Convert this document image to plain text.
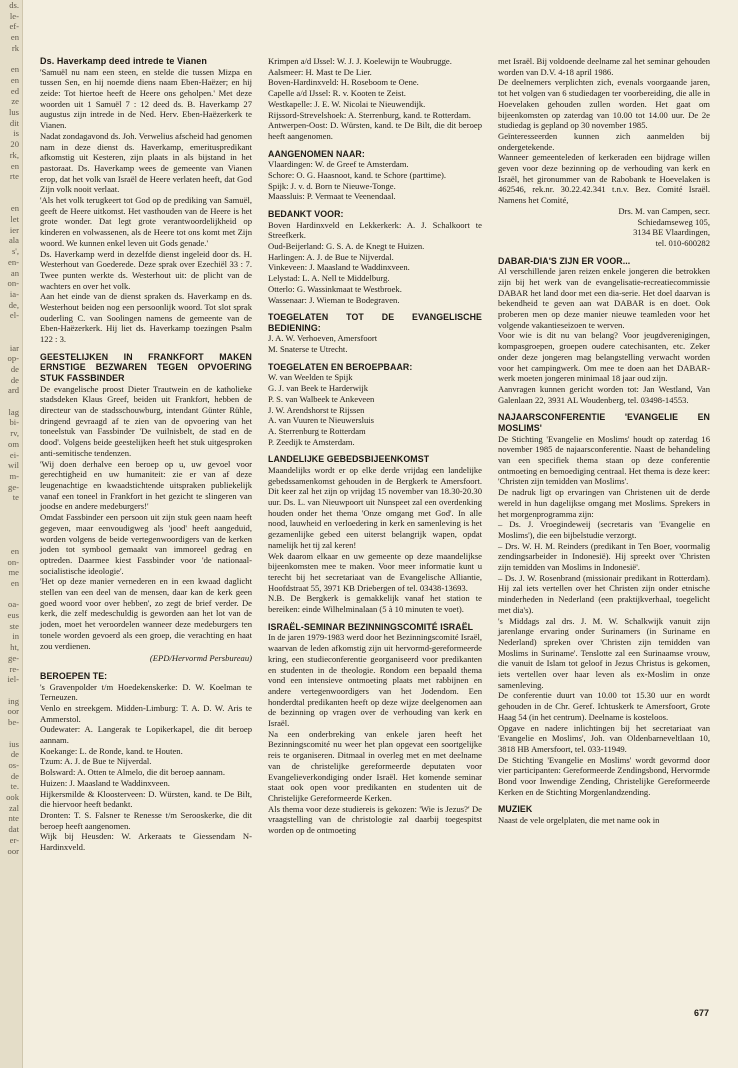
ds.
le-
ef-
en
rk

en
en
ed
ze
lus
dit
is
20
rk,
en
rte

en
let
ier
ala
s',
en-
an
on-
ia-
de,
el-

iar
op-
de
de
ard

lag
bi-
rv,
om
ei-
wil
m-
ge-
te

en
on-
me
en

oa-
eus
ste
in
ht,
ge-
re-
iel-

ing
oor
be-

ius
de
os-
de
te.
ook
zal
nte
dat
er-
oor

Ds. Haverkamp deed intrede te Vianen

'Samuël nu nam een steen, en stelde die tussen Mizpa en tussen Sen, en hij noemde diens naam Eben-Haëzer; en hij zeide: Tot hiertoe heeft de Heere ons geholpen.' Met deze woorden uit 1 Samuël 7 : 12 deed ds. B. Haverkamp 27 augustus zijn intrede in de Ned. Herv. Eben-Haëzerkerk te Vianen.

Nadat zondagavond ds. Joh. Verwelius afscheid had genomen nam in deze dienst ds. Haverkamp, emerituspredikant afkomstig uit Kesteren, zijn plaats in als bijstand in het pastoraat. Ds. Haverkamp wees de gemeente van Vianen erop, dat het volk van Israël de Heere verlaten heeft, dat God Zijn volk nooit verlaat.

'Als het volk terugkeert tot God op de prediking van Samuël, geeft de Heere uitkomst. Het vasthouden van de Heere is het grote wonder. Dat legt grote verantwoordelijkheid op kinderen en volwassenen, als de Heere tot ons komt met Zijn woord. We kunnen enkel leven uit Gods genade.'

Ds. Haverkamp werd in dezelfde dienst ingeleid door ds. H. Westerhout van Goederede. Deze sprak over Ezechiël 33 : 7. Twee punten werkte ds. Westerhout uit: de plicht van de wachters en over het volk.

Aan het einde van de dienst spraken ds. Haverkamp en ds. Westerhout beiden nog een persoonlijk woord. Tot slot sprak ouderling C. van Soolingen namens de gemeente van de Eben-Haëzerkerk. Hij liet ds. Haverkamp toezingen Psalm 122 : 3.

GEESTELIJKEN IN FRANKFORT MAKEN ERNSTIGE BEZWAREN TEGEN OPVOERING STUK FASSBINDER

De evangelische proost Dieter Trautwein en de katholieke stadsdeken Klaus Greef, beiden uit Frankfort, hebben de directeur van de stadsschouwburg, intendant Günter Rühle, dringend gevraagd af te zien van de opvoering van het toneelstuk van Fassbinder 'De vuilnisbelt, de stad en de dood'. Volgens beide geestelijken heeft het stuk uitgesproken anti-semitische tendenzen.

'Wij doen derhalve een beroep op u, uw gevoel voor gerechtigheid en uw humaniteit: zie er van af deze leugenachtige en kwaadstichtende uitspraken publiekelijk vanaf een toneel in Frankfort in het gezicht te slingeren van joodse en andere medeburgers!'

Omdat Fassbinder een persoon uit zijn stuk geen naam heeft gegeven, maar eenvoudigweg als 'jood' heeft aangeduid, worden volgens de beide vertegenwoordigers van de kerken joden tot symbool gemaakt van immoreel gedrag en optreden. Daarmee kiest Fassbinder voor 'de nationaal-socialistische ideologie'.

'Het op deze manier vernederen en in een kwaad daglicht stellen van een deel van de mensen, daar kan de kerk geen goed woord voor over hebben', zo zegt de brief verder. De kerk, die zelf medeschuldig is geworden aan het lot van de joden, moet het veroordelen wanneer deze medeburgers ten tonele worden gevoerd als een groep, die verachting en haat zou verdienen.

(EPD/Hervormd Persbureau)

BEROEPEN TE:

's Gravenpolder t/m Hoedekenskerke: D. W. Koelman te Terneuzen.

Venlo en streekgem. Midden-Limburg: T. A. D. W. Aris te Ammerstol.

Oudewater: A. Langerak te Lopikerkapel, die dit beroep aannam.

Koekange: L. de Ronde, kand. te Houten.

Tzum: A. J. de Bue te Nijverdal.

Bolsward: A. Otten te Almelo, die dit beroep aannam.

Huizen: J. Maasland te Waddinxveen.

Hijkersmilde & Kloosterveen: D. Würsten, kand. te De Bilt, die hiervoor heeft bedankt.

Dronten: T. S. Falsner te Renesse t/m Serooskerke, die dit beroep heeft aangenomen.

Wijk bij Heusden: W. Arkeraats te Giessendam N-Hardinxveld.

Krimpen a/d IJssel: W. J. J. Koelewijn te Woubrugge.

Aalsmeer: H. Mast te De Lier.

Boven-Hardinxveld: H. Roseboom te Oene.

Capelle a/d IJssel: R. v. Kooten te Zeist.

Westkapelle: J. E. W. Nicolai te Nieuwendijk.

Rijssord-Strevelshoek: A. Sterrenburg, kand. te Rotterdam.

Antwerpen-Oost: D. Würsten, kand. te De Bilt, die dit beroep heeft aangenomen.

AANGENOMEN NAAR:

Vlaardingen: W. de Greef te Amsterdam.

Schore: O. G. Haasnoot, kand. te Schore (parttime).

Spijk: J. v. d. Born te Nieuwe-Tonge.

Maassluis: P. Vermaat te Veenendaal.

BEDANKT VOOR:

Boven Hardinxveld en Lekkerkerk: A. J. Schalkoort te Streefkerk.

Oud-Beijerland: G. S. A. de Knegt te Huizen.

Harlingen: A. J. de Bue te Nijverdal.

Vinkeveen: J. Maasland te Waddinxveen.

Lelystad: L. A. Nell te Middelburg.

Otterlo: G. Wassinkmaat te Westbroek.

Wassenaar: J. Wieman te Bodegraven.

TOEGELATEN TOT DE EVANGELISCHE BEDIENING:

J. A. W. Verhoeven, Amersfoort

M. Snaterse te Utrecht.

TOEGELATEN EN BEROEPBAAR:

W. van Weelden te Spijk

G. J. van Beek te Harderwijk

P. S. van Walbeek te Ankeveen

J. W. Arendshorst te Rijssen

A. van Vuuren te Nieuwersluis

A. Sterrenburg te Rotterdam

P. Zeedijk te Amsterdam.

LANDELIJKE GEBEDSBIJEENKOMST

Maandelijks wordt er op elke derde vrijdag een landelijke gebedssamenkomst gehouden in de Bergkerk te Amersfoort. Dit keer zal het zijn op vrijdag 15 november van 18.30-20.30 uur. Ds. L. van Nieuwpoort uit Nunspeet zal een overdenking houden onder het thema 'Onze omgang met God'. In alle nood, lauwheid en verloedering in kerk en samenleving is het gezamenlijke gebed een uiterst belangrijk wapen, opdat namelijk het tij zal keren!

Wek daarom elkaar en uw gemeente op deze maandelijkse bijeenkomsten mee te maken. Voor meer informatie kunt u terecht bij het secretariaat van de Evangelische Alliantie, Hoofdstraat 55, 3971 KB Driebergen of tel. 03438-13693.

N.B. De Bergkerk is gemakkelijk vanaf het station te bereiken: einde Wilhelminalaan (5 à 10 minuten te voet).

ISRAËL-SEMINAR BEZINNINGSCOMITÉ ISRAËL

In de jaren 1979-1983 werd door het Bezinningscomité Israël, waarvan de leden afkomstig zijn uit hervormd-gereformeerde kring, een studieconferentie georganiseerd voor predikanten en studenten in de theologie. Rondom een bepaald thema vond een intensieve ontmoeting plaats met rabbijnen en andere vertegenwoordigers van het Jodendom. Een honderdtal predikanten heeft op deze wijze deelgenomen aan de bezinning op vragen over de verhouding van kerk en Israël.

Na een onderbreking van enkele jaren heeft het Bezinningscomité nu weer het plan opgevat een soortgelijke reis te organiseren. Ditmaal in overleg met en met deelname van de christelijke gereformeerde deputaten voor Evangelieverkondiging onder Israël. Het komende seminar staat ook open voor predikanten en studenten uit de Christelijke Gereformeerde Kerken.

Als thema voor deze studiereis is gekozen: 'Wie is Jezus?' De vraagstelling van de christologie zal daarbij toegespitst worden op de ontmoeting

met Israël. Bij voldoende deelname zal het seminar gehouden worden van D.V. 4-18 april 1986.

De deelnemers verplichten zich, evenals voorgaande jaren, tot het volgen van 6 studiedagen ter voorbereiding, die alle in Hoevelaken gehouden zullen worden. Het gaat om bijeenkomsten op zaterdag van 10.00 tot 14.00 uur. De 2e studiedag is gepland op 30 november 1985.

Geïnteresseerden kunnen zich aanmelden bij ondergetekende.

Wanneer gemeenteleden of kerkeraden een bijdrage willen geven voor deze bezinning op de verhouding van kerk en Israël, het gironummer van de Rabobank te Hoevelaken is 462546, rek.nr. 30.22.42.341 t.n.v. Bez. Comité Israël. Namens het Comité,

Drs. M. van Campen, secr.

Schiedamseweg 105,

3134 BE Vlaardingen,

tel. 010-600282

DABAR-DIA'S ZIJN ER VOOR...

Al verschillende jaren reizen enkele jongeren die betrokken zijn bij het werk van de evangelisatie-recreatiecommissie DABAR het land door met een dia-serie. Het doel daarvan is bekendheid te geven aan wat DABAR is en doet. Ook proberen men op deze manier nieuwe teamleden voor het volgende vakantieseizoen te werven.

Voor wie is dit nu van belang? Voor jeugdverenigingen, kompasgroepen, groepen oudere catechisanten, etc. Zeker onder deze jongeren mag belangstelling verwacht worden voor het campingwerk. Om mee te doen aan het DABAR-werk moeten jongeren minimaal 18 jaar oud zijn.

Aanvragen kunnen gericht worden tot: Jan Westland, Van Galenlaan 22, 3931 AL Woudenberg, tel. 03498-14553.

NAJAARSCONFERENTIE 'EVANGELIE EN MOSLIMS'

De Stichting 'Evangelie en Moslims' houdt op zaterdag 16 november 1985 de najaarsconferentie. Naast de behandeling van een specifiek thema staan op deze conferentie ontmoeting en bemoediging centraal. Het thema is deze keer: 'Christen zijn temidden van Moslims'.

De nadruk ligt op ervaringen van Christenen uit de derde wereld in hun dagelijkse omgang met Moslims. Sprekers in het morgenprogramma zijn:

– Ds. J. Vroegindeweij (secretaris van 'Evangelie en Moslims'), die een bijbelstudie verzorgt.

– Drs. W. H. M. Reinders (predikant in Ten Boer, voormalig zendingsarbeider in Indonesië). Hij spreekt over 'Christen zijn temidden van Moslims in Indonesië'.

– Ds. J. W. Rosenbrand (missionair predikant in Rotterdam). Hij zal iets vertellen over het Christen zijn onder etnische minderheden in Nederland (een praktijkverhaal, toegelicht met dia's).

's Middags zal drs. J. M. W. Schalkwijk vanuit zijn jarenlange ervaring onder Surinamers (in Suriname en Nederland) spreken over 'Christen zijn temidden van Moslims in Suriname'. Tenslotte zal een Surinaamse vrouw, die vanuit de Islam tot geloof in Jezus Christus is gekomen, iets vertellen over haar leven als ex-Moslim in onze samenleving.

De conferentie duurt van 10.00 tot 15.30 uur en wordt gehouden in de Chr. Geref. Ichtuskerk te Amersfoort, Grote Haag 54 (in het centrum). Deelname is kosteloos.

Opgave en nadere inlichtingen bij het secretariaat van 'Evangelie en Moslims', Joh. van Oldenbarneveltlaan 10, 3818 HB Amersfoort, tel. 033-11949.

De Stichting 'Evangelie en Moslims' wordt gevormd door vier participanten: Gereformeerde Zendingsbond, Hervormde Bond voor Inwendige Zending, Christelijke Gereformeerde Kerken en de Stichting Morgenlandzending.

MUZIEK

Naast de vele orgelplaten, die met name ook in

677
